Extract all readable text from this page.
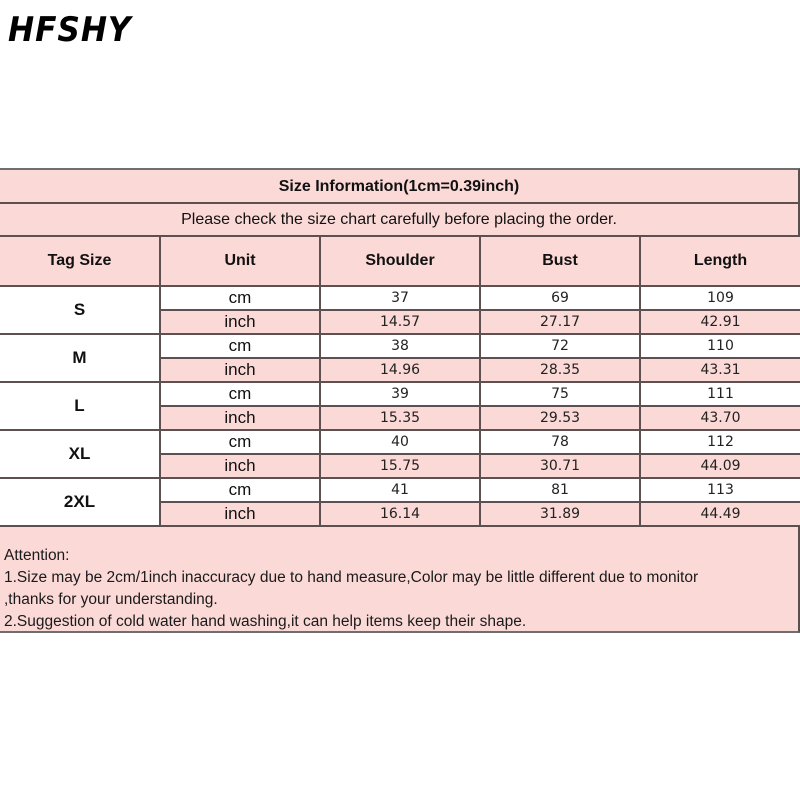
HFSHY
Size Information(1cm=0.39inch)
Please check the size chart carefully before placing the order.
Tag Size	Unit	Shoulder	Bust	Length
S	cm	37	69	109
	inch	14.57	27.17	42.91
M	cm	38	72	110
	inch	14.96	28.35	43.31
L	cm	39	75	111
	inch	15.35	29.53	43.70
XL	cm	40	78	112
	inch	15.75	30.71	44.09
2XL	cm	41	81	113
	inch	16.14	31.89	44.49

Attention:

1.Size may be 2cm/1inch inaccuracy due to hand measure,Color may be little different due to monitor

,thanks for your understanding.

2.Suggestion of cold water hand washing,it can help items keep their shape.
